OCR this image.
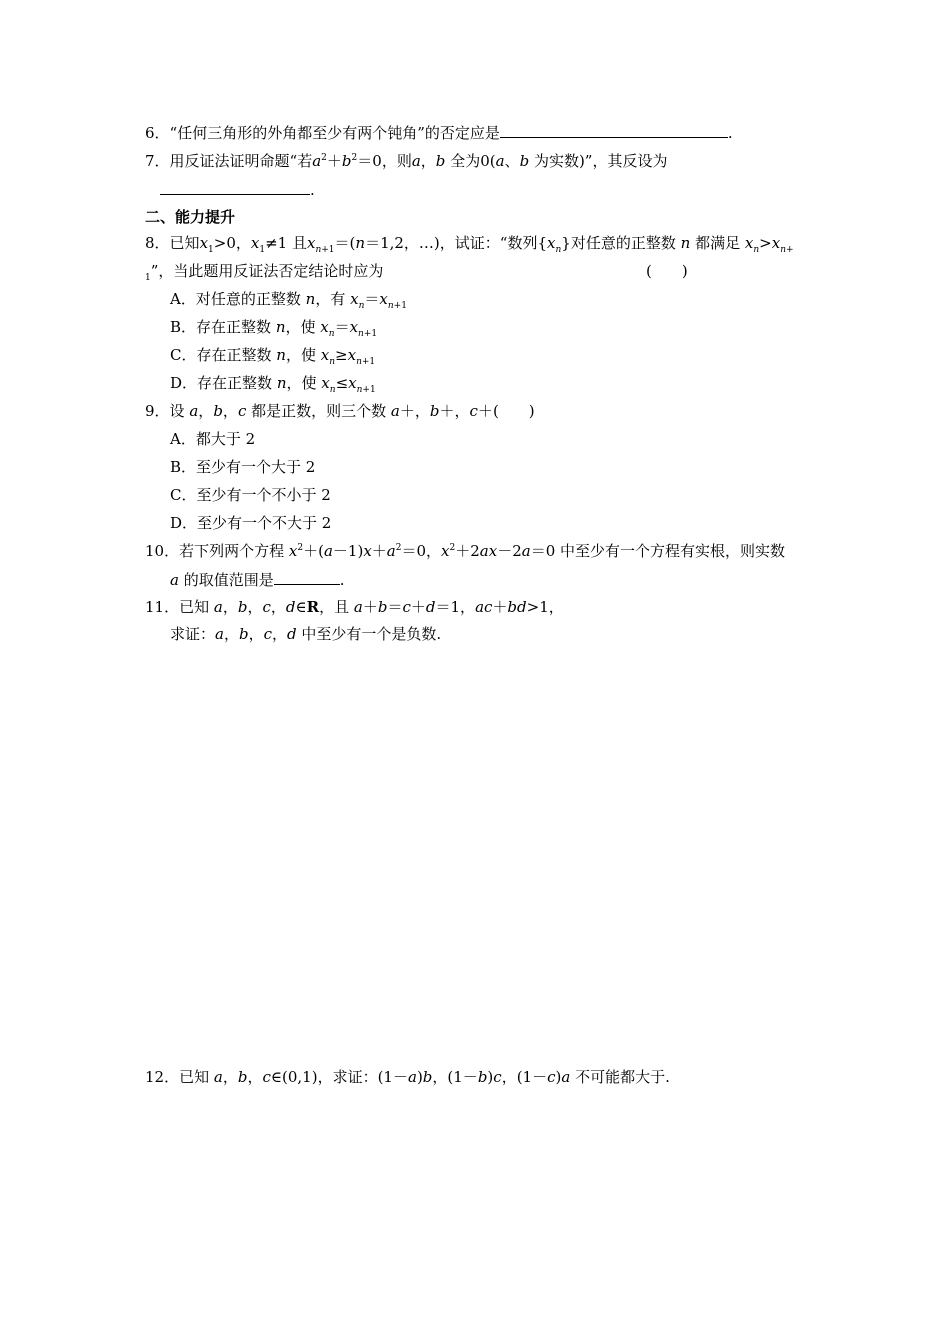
6．“任何三角形的外角都至少有两个钝角”的否定应是	.
7．用反证法证明命题“若$a^2+b^2=0$，则a，b 全为0(a、b 为实数)”，其反设为
.
二、能力提升
8．已知$x_1>0$，$x_1\ne 1$ 且$x_{n+1}=(n=1,2$，…)，试证：“数列$\{x_n\}$对任意的正整数 n 都满足 $x_n>x_{n+}$
$_1$”，当此题用反证法否定结论时应为	(　　)
A．对任意的正整数 n，有 $x_n=x_{n+1}$
B．存在正整数 n，使 $x_n=x_{n+1}$
C．存在正整数 n，使 $x_n\ge x_{n+1}$
D．存在正整数 n，使 $x_n\le x_{n+1}$
9．设 a，b，c 都是正数，则三个数 a＋，b＋，c＋(　　)
A．都大于 2
B．至少有一个大于 2
C．至少有一个不小于 2
D．至少有一个不大于 2
10．若下列两个方程 $x^2+(a-1)x+a^2=0$，$x^2+2ax-2a=0$ 中至少有一个方程有实根，则实数
a 的取值范围是	.
11．已知 a，b，c，d∈R，且 a＋b＝c＋d＝1，ac＋bd>1，
求证：a，b，c，d 中至少有一个是负数.
12．已知 a，b，c∈(0,1)，求证：(1－a)b，(1－b)c，(1－c)a 不可能都大于.
